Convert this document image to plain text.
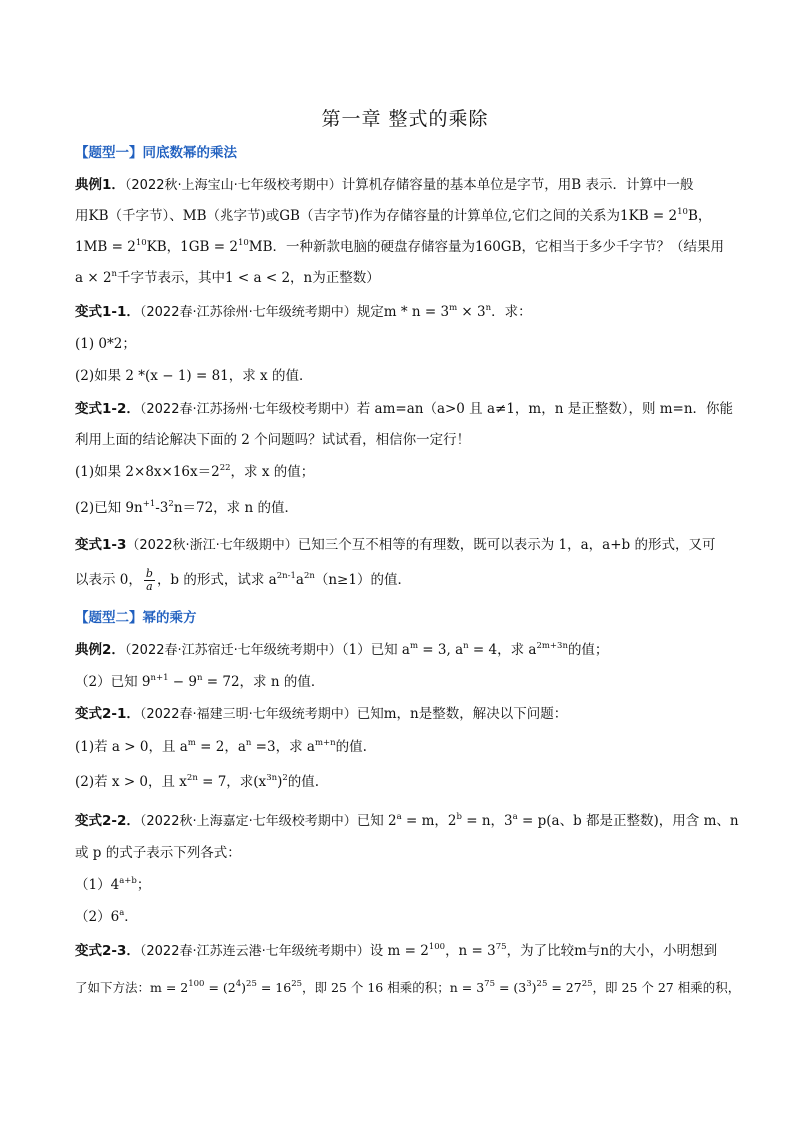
第一章 整式的乘除
【题型一】同底数幂的乘法
典例1．（2022秋·上海宝山·七年级校考期中）计算机存储容量的基本单位是字节，用B 表示．计算中一般
用KB（千字节）、MB（兆字节)或GB（吉字节)作为存储容量的计算单位,它们之间的关系为$1KB = 2^{10}B$，
$1MB = 2^{10}KB$，$1GB = 2^{10}MB$．一种新款电脑的硬盘存储容量为160GB，它相当于多少千字节？（结果用
$a \times 2^n$千字节表示，其中1 < a < 2，n为正整数）
变式1-1．（2022春·江苏徐州·七年级统考期中）规定$m * n = 3^m \times 3^n$．求：
(1) 0*2；
(2)如果 2 *(x − 1) = 81，求 x 的值．
变式1-2．（2022春·江苏扬州·七年级校考期中）若 am=an（a>0 且 a≠1，m，n 是正整数），则 m=n．你能
利用上面的结论解决下面的 2 个问题吗？试试看，相信你一定行！
(1)如果 $2\times 8x\times 16x=2^{22}$，求 x 的值；
(2)已知 $9n^{+1}-3^2n=72$，求 n 的值．
变式1-3（2022秋·浙江·七年级期中）已知三个互不相等的有理数，既可以表示为 1，a，a+b 的形式，又可
以表示 0， $\frac{b}{a}$ ，b 的形式，试求 $a^{2n-1}a^{2n}(n\ge 1)$的值．
【题型二】幂的乘方
典例2．（2022春·江苏宿迁·七年级统考期中）（1）已知 $a^m = 3$, $a^n = 4$，求 $a^{2m+3n}$的值；
（2）已知 $9^{n+1} - 9^n = 72$，求 n 的值．
变式2-1．（2022春·福建三明·七年级统考期中）已知m，n是整数，解决以下问题：
(1)若 a > 0，且 $a^m = 2$，$a^n =3$，求 $a^{m+n}$的值.
(2)若 x > 0，且 $x^{2n} = 7$，求$(x^{3n})^2$的值.
变式2-2．（2022秋·上海嘉定·七年级校考期中）已知 $2^a = m$，$2^b = n$，$3^a = p(a$、b 都是正整数)，用含 m、n
或 p 的式子表示下列各式：
$(1)4^{a+b}$；
（2）6$^a$．
变式2-3．（2022春·江苏连云港·七年级统考期中）设 $m = 2^{100}$，$n = 3^{75}$，为了比较m与n的大小，小明想到
了如下方法：$m = 2^{100} = (2^4)^{25} = 16^{25}$，即 25 个 16 相乘的积；$n = 3^{75} = (3^3)^{25} = 27^{25}$，即 25 个 27 相乘的积，
